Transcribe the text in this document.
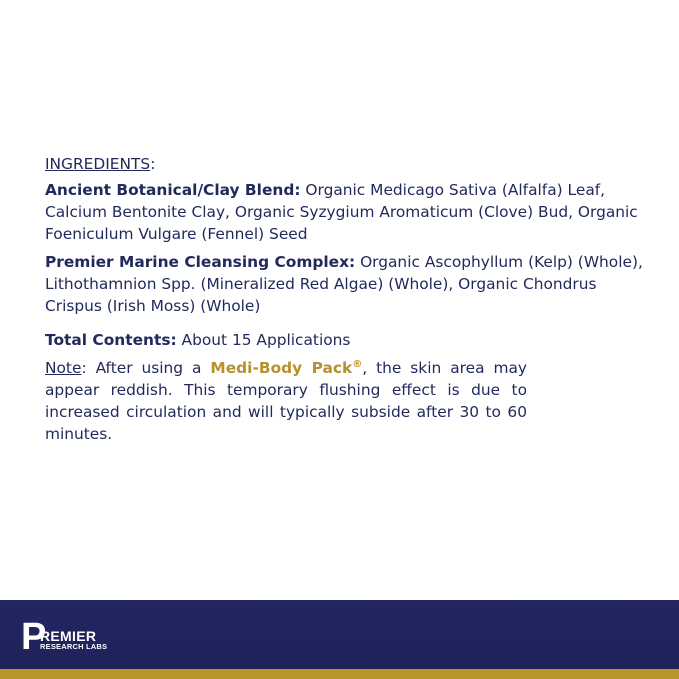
INGREDIENTS:
Ancient Botanical/Clay Blend: Organic Medicago Sativa (Alfalfa) Leaf, Calcium Bentonite Clay, Organic Syzygium Aromaticum (Clove) Bud, Organic Foeniculum Vulgare (Fennel) Seed
Premier Marine Cleansing Complex: Organic Ascophyllum (Kelp) (Whole), Lithothamnion Spp. (Mineralized Red Algae) (Whole), Organic Chondrus Crispus (Irish Moss) (Whole)
Total Contents: About 15 Applications
Note: After using a Medi-Body Pack®, the skin area may appear reddish. This temporary flushing effect is due to increased circulation and will typically subside after 30 to 60 minutes.
P
REMIER
RESEARCH LABS
